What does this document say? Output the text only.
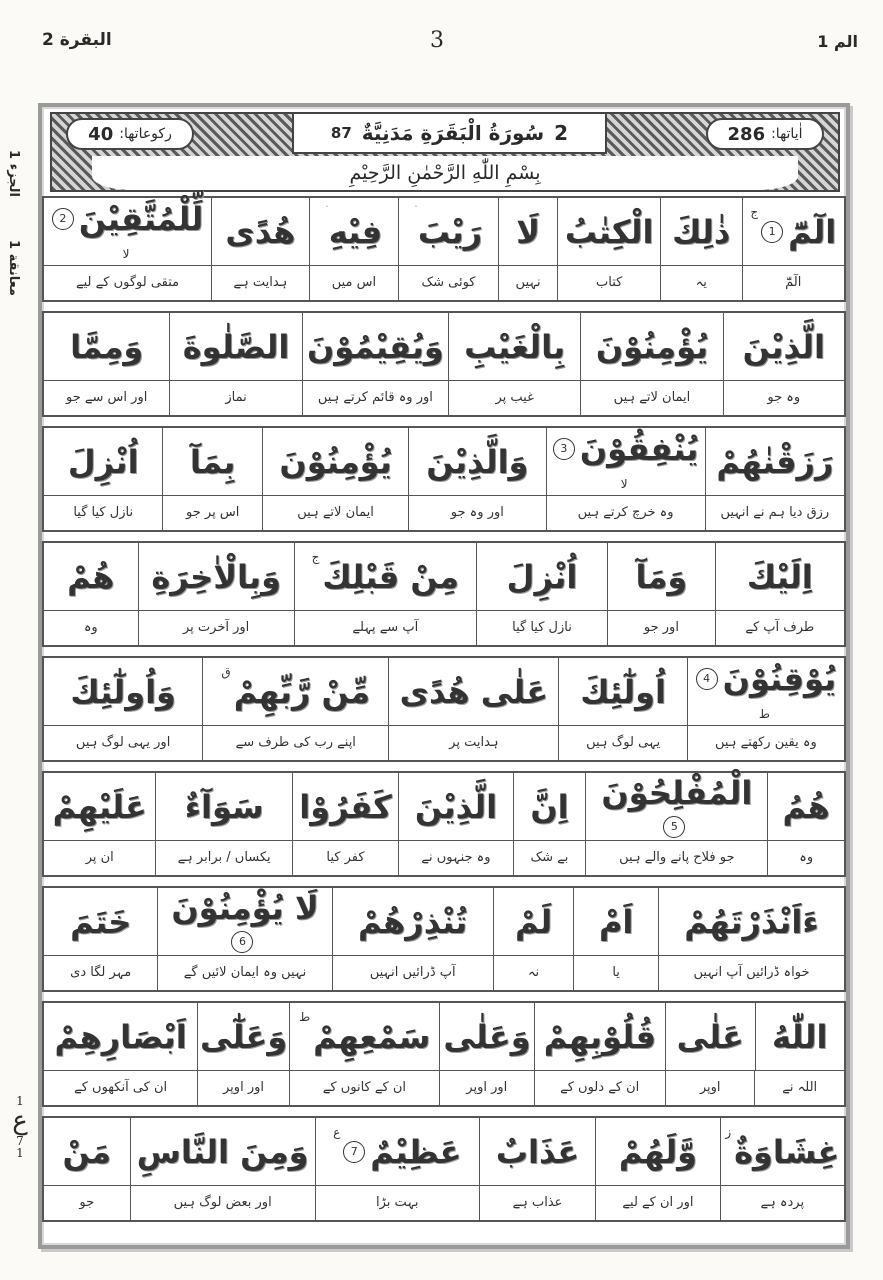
البقرة 2	3	الم 1
الجزء 1
معانقة 1
1
ع
7
1
اٰیاتھا:
286
2
سُورَةُ الْبَقَرَةِ مَدَنِيَّةٌ
87
رکوعاتھا:
40
بِسْمِ اللّٰهِ الرَّحْمٰنِ الرَّحِیْمِ
الٓمّٓ
1
ج
ذٰلِكَ
الْكِتٰبُ
لَا
رَیْبَ
فِیْهِ
هُدًى
لِّلْمُتَّقِیْنَ
2
لا
الٓمّٓ
یہ
کتاب
نہیں
کوئی شک
اس میں
ہدایت ہے
متقی لوگوں کے لیے
الَّذِیْنَ
یُؤْمِنُوْنَ
بِالْغَیْبِ
وَیُقِیْمُوْنَ
الصَّلٰوةَ
وَمِمَّا
وہ جو
ایمان لاتے ہیں
غیب پر
اور وہ قائم کرتے ہیں
نماز
اور اس سے جو
رَزَقْنٰهُمْ
یُنْفِقُوْنَ
3
لا
وَالَّذِیْنَ
یُؤْمِنُوْنَ
بِمَآ
اُنْزِلَ
رزق دیا ہم نے انہیں
وہ خرچ کرتے ہیں
اور وہ جو
ایمان لاتے ہیں
اس پر جو
نازل کیا گیا
اِلَیْكَ
وَمَآ
اُنْزِلَ
مِنْ قَبْلِكَ
ج
وَبِالْاٰخِرَةِ
هُمْ
طرف آپ کے
اور جو
نازل کیا گیا
آپ سے پہلے
اور آخرت پر
وہ
یُوْقِنُوْنَ
4
ط
اُولٰٓئِكَ
عَلٰی هُدًى
مِّنْ رَّبِّهِمْ
ق
وَاُولٰٓئِكَ
وہ یقین رکھتے ہیں
یہی لوگ ہیں
ہدایت پر
اپنے رب کی طرف سے
اور یہی لوگ ہیں
هُمُ
الْمُفْلِحُوْنَ
5
اِنَّ
الَّذِیْنَ
كَفَرُوْا
سَوَآءٌ
عَلَیْهِمْ
وہ
جو فلاح پانے والے ہیں
بے شک
وہ جنہوں نے
کفر کیا
یکساں / برابر ہے
ان پر
ءَاَنْذَرْتَهُمْ
اَمْ
لَمْ
تُنْذِرْهُمْ
لَا یُؤْمِنُوْنَ
6
خَتَمَ
خواہ ڈرائیں آپ انہیں
یا
نہ
آپ ڈرائیں انہیں
نہیں وہ ایمان لائیں گے
مہر لگا دی
اللّٰهُ
عَلٰی
قُلُوْبِهِمْ
وَعَلٰی
سَمْعِهِمْ
ط
وَعَلٰٓی
اَبْصَارِهِمْ
اللہ نے
اوپر
ان کے دلوں کے
اور اوپر
ان کے کانوں کے
اور اوپر
ان کی آنکھوں کے
غِشَاوَةٌ
ز
وَّلَهُمْ
عَذَابٌ
عَظِیْمٌ
7
ع
وَمِنَ النَّاسِ
مَنْ
پردہ ہے
اور ان کے لیے
عذاب ہے
بہت بڑا
اور بعض لوگ ہیں
جو
